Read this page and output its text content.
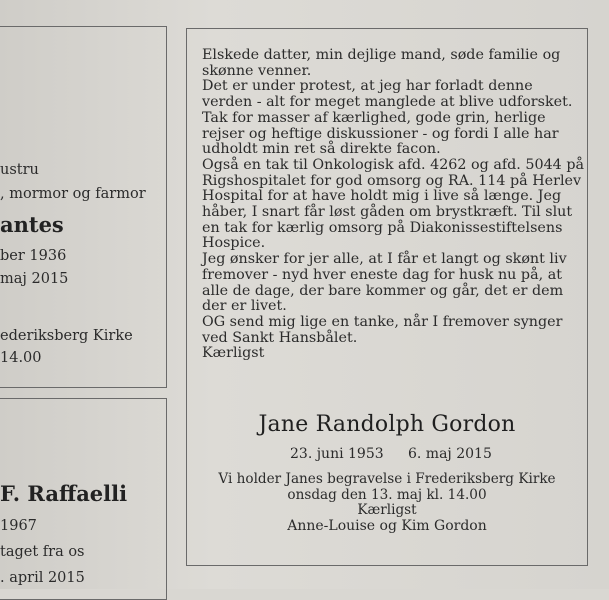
ustru
, mormor og farmor
antes
ber 1936
maj 2015
ederiksberg Kirke
14.00
F. Raffaelli
1967
taget fra os
. april 2015
Elskede datter, min dejlige mand, søde familie og
skønne venner.
Det er under protest, at jeg har forladt denne
verden - alt for meget manglede at blive udforsket.
Tak for masser af kærlighed, gode grin, herlige
rejser og heftige diskussioner - og fordi I alle har
udholdt min ret så direkte facon.
Også en tak til Onkologisk afd. 4262 og afd. 5044 på
Rigshospitalet for god omsorg og RA. 114 på Herlev
Hospital for at have holdt mig i live så længe. Jeg
håber, I snart får løst gåden om brystkræft. Til slut
en tak for kærlig omsorg på Diakonissestiftelsens
Hospice.
Jeg ønsker for jer alle, at I får et langt og skønt liv
fremover - nyd hver eneste dag for husk nu på, at
alle de dage, der bare kommer og går, det er dem
der er livet.
OG send mig lige en tanke, når I fremover synger
ved Sankt Hansbålet.
Kærligst
Jane Randolph Gordon
23. juni 1953 6. maj 2015
Vi holder Janes begravelse i Frederiksberg Kirke
onsdag den 13. maj kl. 14.00
Kærligst
Anne-Louise og Kim Gordon
